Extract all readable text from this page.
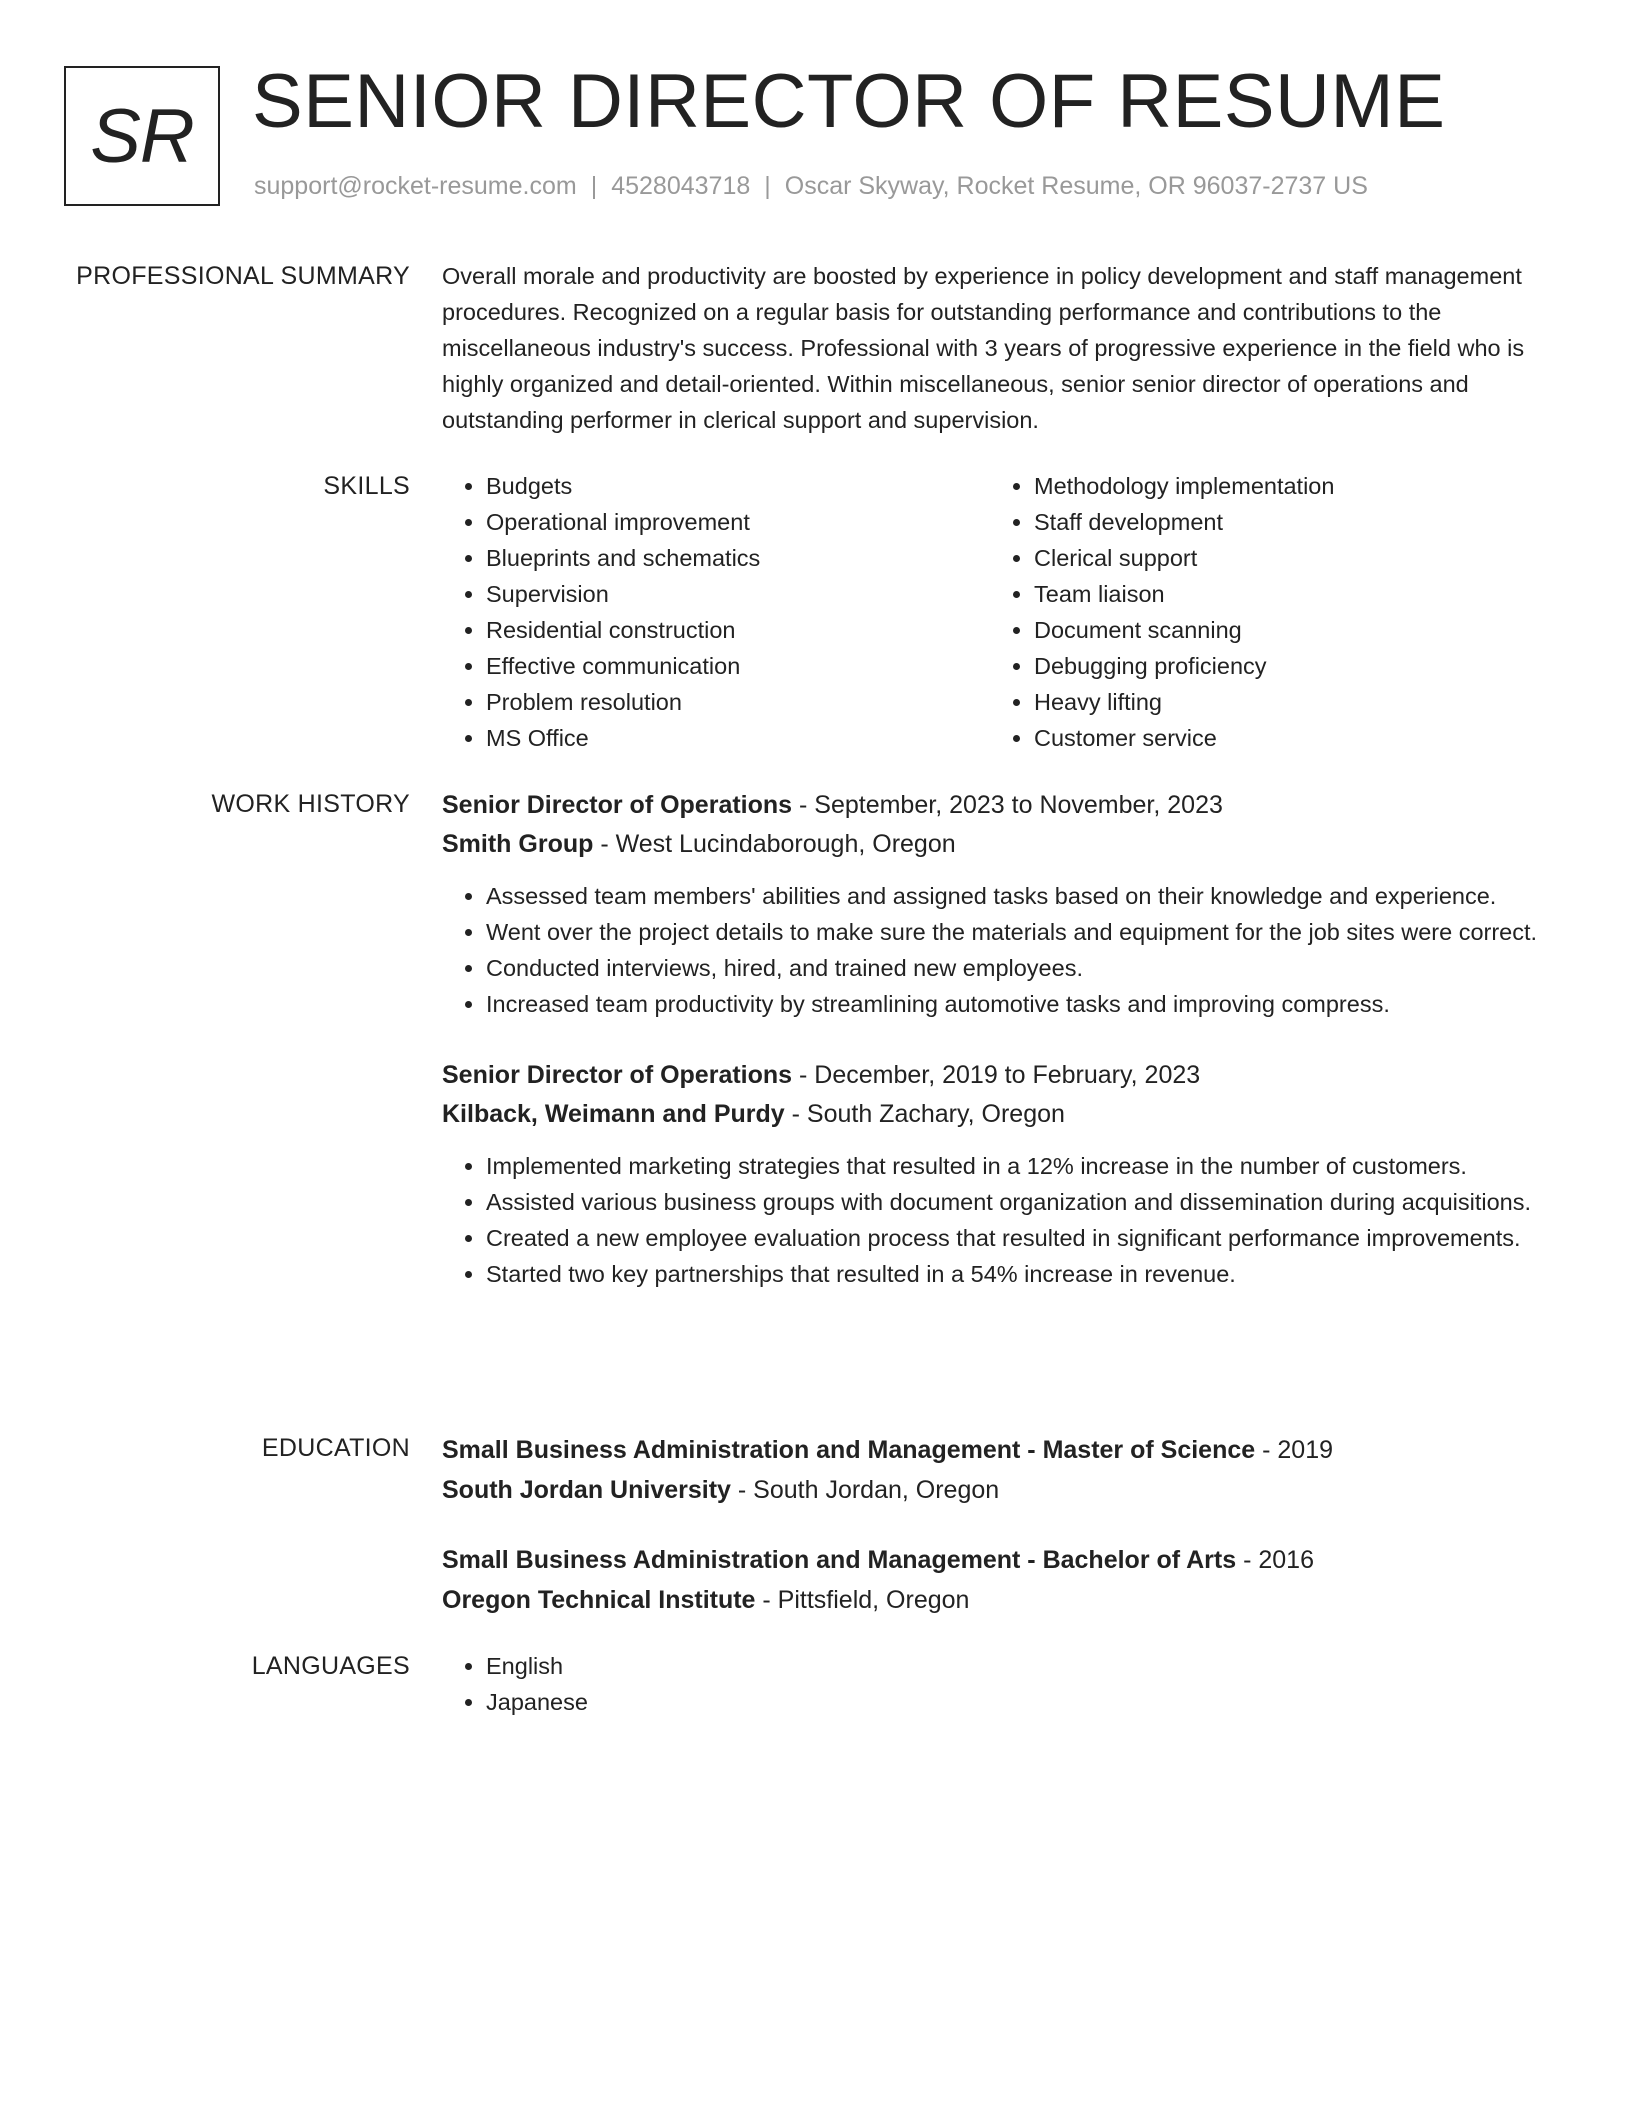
SR SENIOR DIRECTOR OF RESUME
support@rocket-resume.com | 4528043718 | Oscar Skyway, Rocket Resume, OR 96037-2737 US
PROFESSIONAL SUMMARY Overall morale and productivity are boosted by experience in policy development and staff management procedures. Recognized on a regular basis for outstanding performance and contributions to the miscellaneous industry's success. Professional with 3 years of progressive experience in the field who is highly organized and detail-oriented. Within miscellaneous, senior senior director of operations and outstanding performer in clerical support and supervision.

SKILLS	• Budgets
• Operational improvement
• Blueprints and schematics
• Supervision
• Residential construction
• Effective communication
• Problem resolution
• MS Office
• Methodology implementation
• Staff development
• Clerical support
• Team liaison
• Document scanning
• Debugging proficiency
• Heavy lifting
• Customer service
WORK HISTORY Senior Director of Operations - September, 2023 to November, 2023
Smith Group - West Lucindaborough, Oregon
• Assessed team members' abilities and assigned tasks based on their knowledge and experience.
• Went over the project details to make sure the materials and equipment for the job sites were correct.
• Conducted interviews, hired, and trained new employees.
• Increased team productivity by streamlining automotive tasks and improving compress.
Senior Director of Operations - December, 2019 to February, 2023
Kilback, Weimann and Purdy - South Zachary, Oregon
• Implemented marketing strategies that resulted in a 12% increase in the number of customers.
• Assisted various business groups with document organization and dissemination during acquisitions.
• Created a new employee evaluation process that resulted in significant performance improvements.
• Started two key partnerships that resulted in a 54% increase in revenue.
EDUCATION Small Business Administration and Management - Master of Science - 2019
South Jordan University - South Jordan, Oregon
Small Business Administration and Management - Bachelor of Arts - 2016
Oregon Technical Institute - Pittsfield, Oregon
LANGUAGES	• English
• Japanese
